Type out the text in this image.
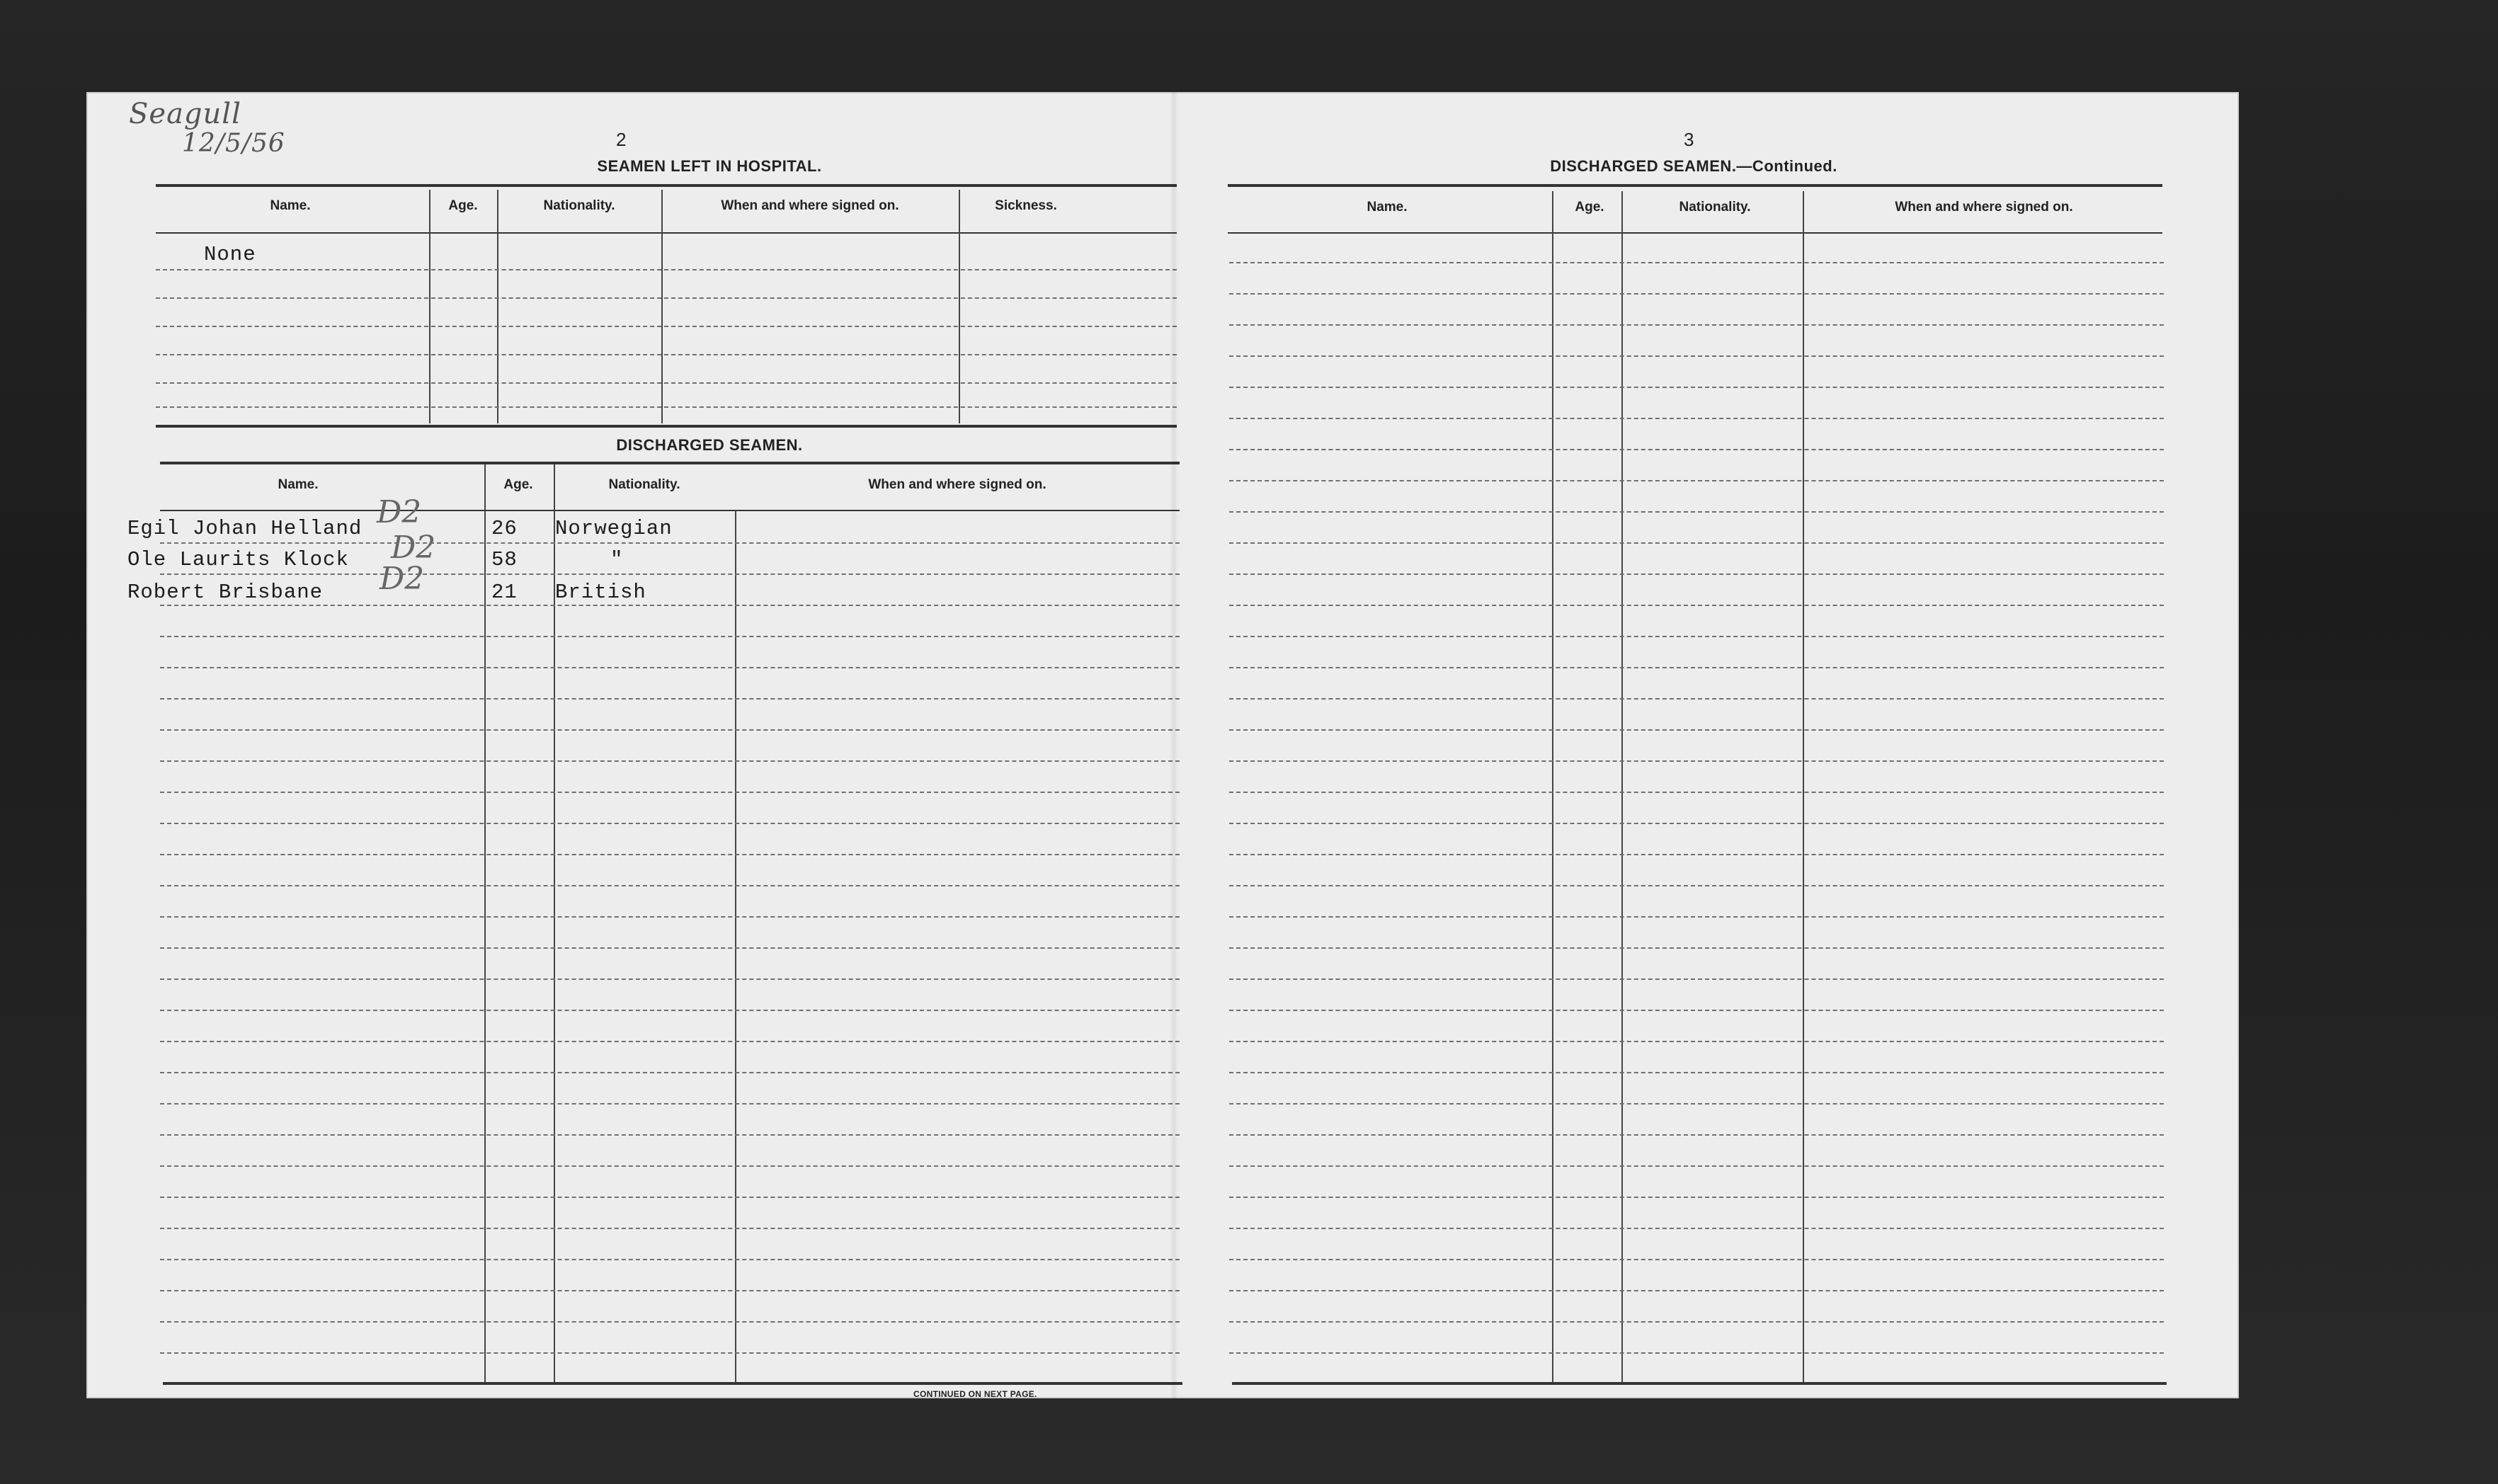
Seagull
12/5/56	2
SEAMEN LEFT IN HOSPITAL.
Name.	Age.	Nationality.	When and where signed on.	Sickness.
None
DISCHARGED SEAMEN.
Name.	Age.	Nationality.	When and where signed on.
Egil Johan Helland	26 Norwegian
D2
Ole Laurits Klock	58	"
D2
Robert Brisbane	21 British
D2
CONTINUED ON NEXT PAGE.
3
DISCHARGED SEAMEN.—Continued.
Name.	Age.	Nationality.	When and where signed on.
